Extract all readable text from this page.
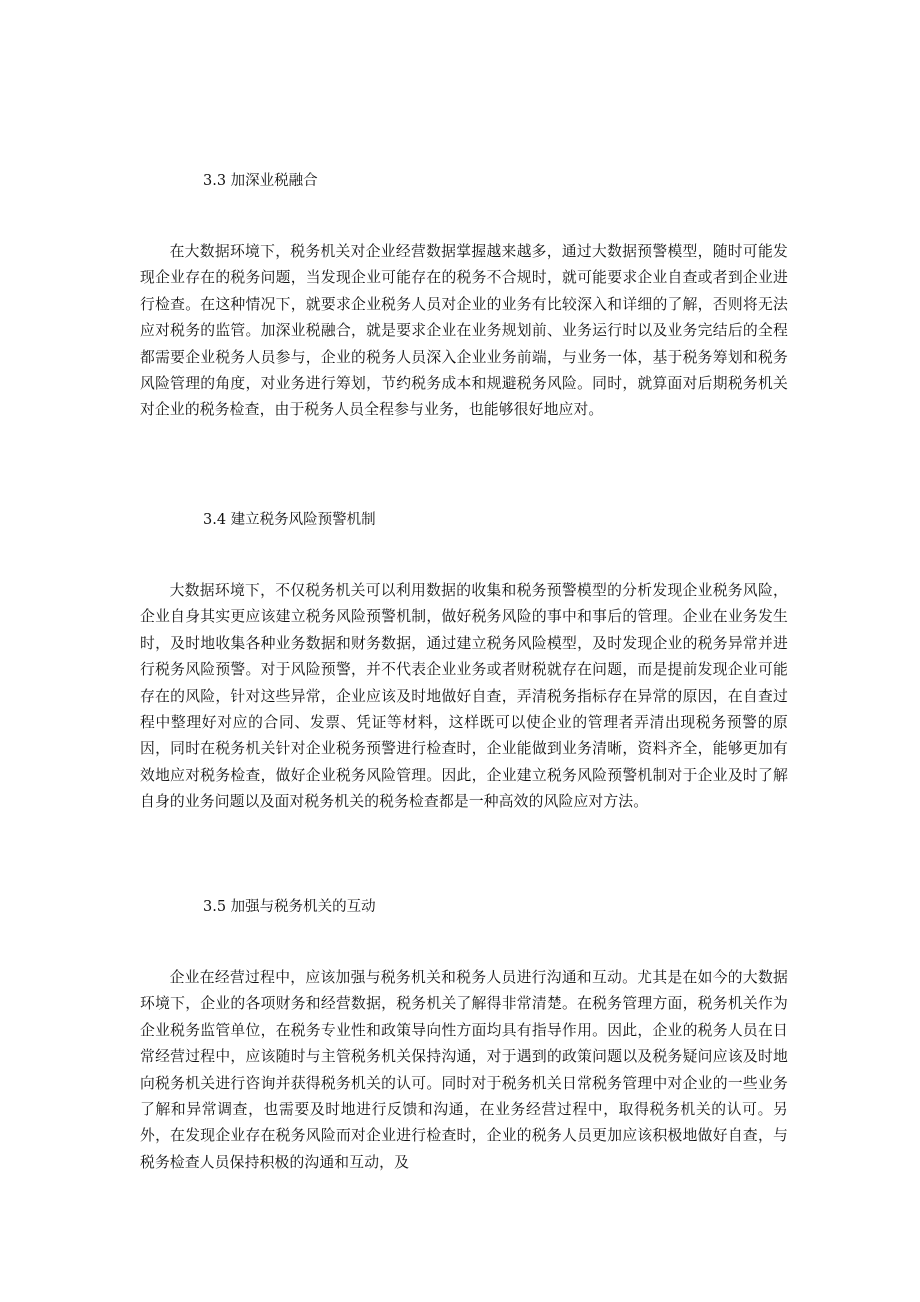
3.3 加深业税融合

在大数据环境下，税务机关对企业经营数据掌握越来越多，通过大数据预警模型，随时可能发现企业存在的税务问题，当发现企业可能存在的税务不合规时，就可能要求企业自查或者到企业进行检查。在这种情况下，就要求企业税务人员对企业的业务有比较深入和详细的了解，否则将无法应对税务的监管。加深业税融合，就是要求企业在业务规划前、业务运行时以及业务完结后的全程都需要企业税务人员参与，企业的税务人员深入企业业务前端，与业务一体，基于税务筹划和税务风险管理的角度，对业务进行筹划，节约税务成本和规避税务风险。同时，就算面对后期税务机关对企业的税务检查，由于税务人员全程参与业务，也能够很好地应对。

3.4 建立税务风险预警机制

大数据环境下，不仅税务机关可以利用数据的收集和税务预警模型的分析发现企业税务风险，企业自身其实更应该建立税务风险预警机制，做好税务风险的事中和事后的管理。企业在业务发生时，及时地收集各种业务数据和财务数据，通过建立税务风险模型，及时发现企业的税务异常并进行税务风险预警。对于风险预警，并不代表企业业务或者财税就存在问题，而是提前发现企业可能存在的风险，针对这些异常，企业应该及时地做好自查，弄清税务指标存在异常的原因，在自查过程中整理好对应的合同、发票、凭证等材料，这样既可以使企业的管理者弄清出现税务预警的原因，同时在税务机关针对企业税务预警进行检查时，企业能做到业务清晰，资料齐全，能够更加有效地应对税务检查，做好企业税务风险管理。因此，企业建立税务风险预警机制对于企业及时了解自身的业务问题以及面对税务机关的税务检查都是一种高效的风险应对方法。

3.5 加强与税务机关的互动

企业在经营过程中，应该加强与税务机关和税务人员进行沟通和互动。尤其是在如今的大数据环境下，企业的各项财务和经营数据，税务机关了解得非常清楚。在税务管理方面，税务机关作为企业税务监管单位，在税务专业性和政策导向性方面均具有指导作用。因此，企业的税务人员在日常经营过程中，应该随时与主管税务机关保持沟通，对于遇到的政策问题以及税务疑问应该及时地向税务机关进行咨询并获得税务机关的认可。同时对于税务机关日常税务管理中对企业的一些业务了解和异常调查，也需要及时地进行反馈和沟通，在业务经营过程中，取得税务机关的认可。另外，在发现企业存在税务风险而对企业进行检查时，企业的税务人员更加应该积极地做好自查，与税务检查人员保持积极的沟通和互动，及
